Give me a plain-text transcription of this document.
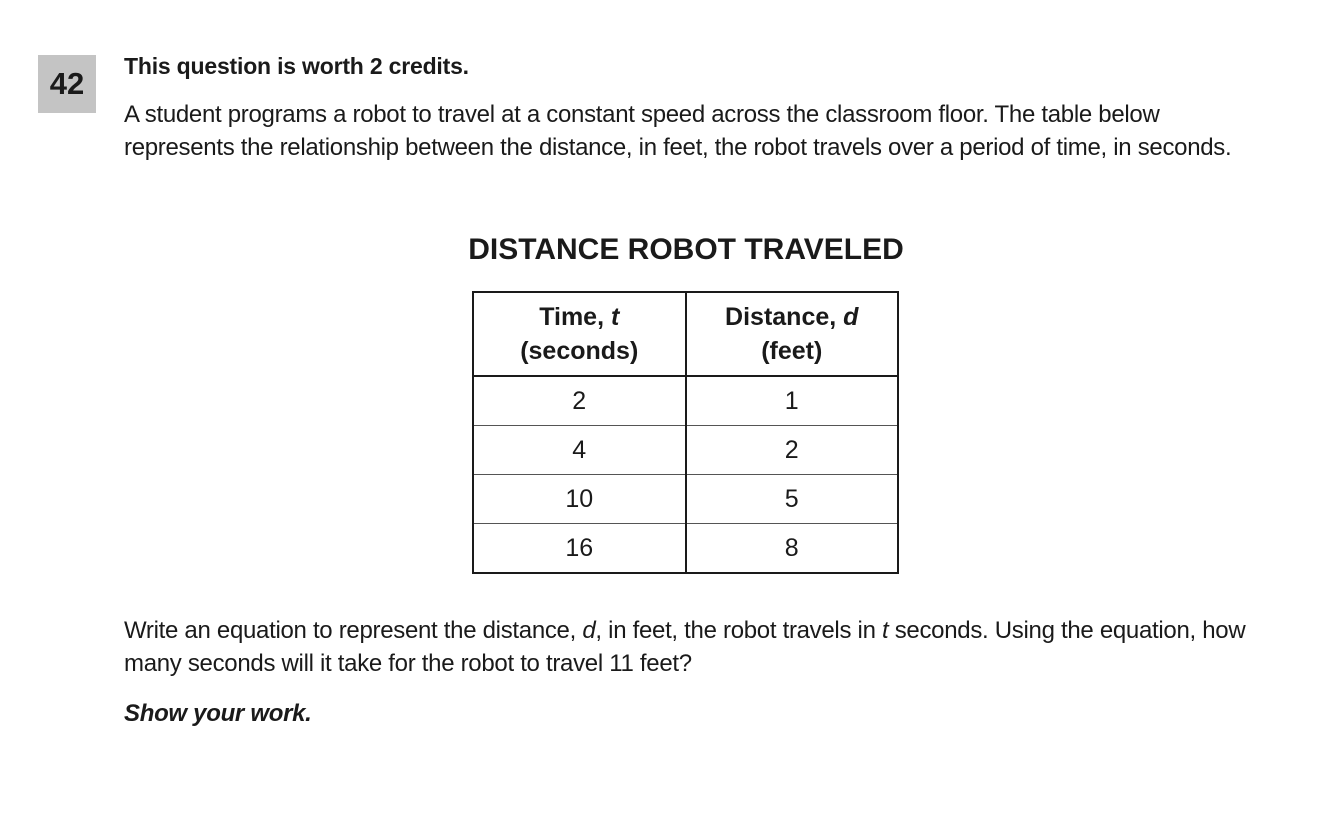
42 This question is worth 2 credits.

A student programs a robot to travel at a constant speed across the classroom floor. The table below represents the relationship between the distance, in feet, the robot travels over a period of time, in seconds.

DISTANCE ROBOT TRAVELED
Time, t
(seconds)	Distance, d
(feet)
2	1
4	2
10	5
16	8

Write an equation to represent the distance, d, in feet, the robot travels in t seconds. Using the equation, how many seconds will it take for the robot to travel 11 feet?

Show your work.
